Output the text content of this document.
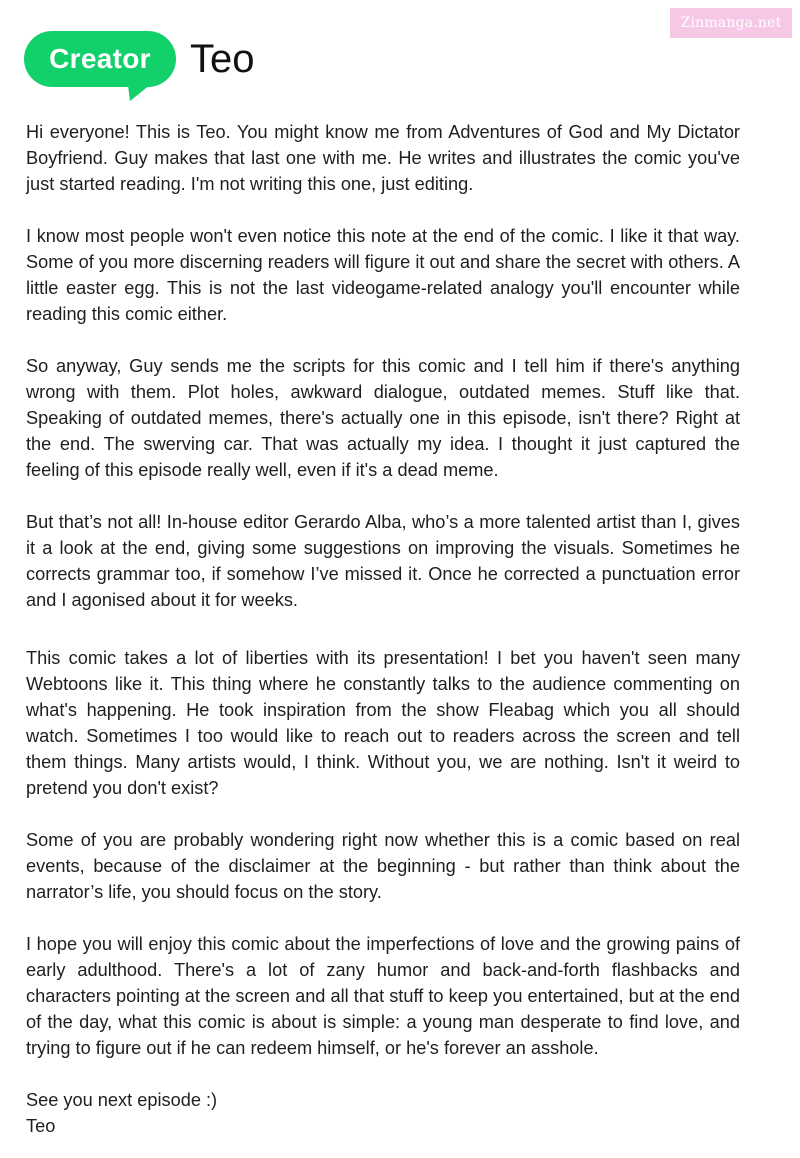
Zinmanga.net
Creator Teo

Hi everyone! This is Teo. You might know me from Adventures of God and My Dictator Boyfriend. Guy makes that last one with me. He writes and illustrates the comic you've just started reading. I'm not writing this one, just editing.

I know most people won't even notice this note at the end of the comic. I like it that way. Some of you more discerning readers will figure it out and share the secret with others. A little easter egg. This is not the last videogame-related analogy you'll encounter while reading this comic either.

So anyway, Guy sends me the scripts for this comic and I tell him if there's anything wrong with them. Plot holes, awkward dialogue, outdated memes. Stuff like that. Speaking of outdated memes, there's actually one in this episode, isn't there? Right at the end. The swerving car. That was actually my idea. I thought it just captured the feeling of this episode really well, even if it's a dead meme.

But that’s not all! In-house editor Gerardo Alba, who’s a more talented artist than I, gives it a look at the end, giving some suggestions on improving the visuals. Sometimes he corrects grammar too, if somehow I’ve missed it. Once he corrected a punctuation error and I agonised about it for weeks.

This comic takes a lot of liberties with its presentation! I bet you haven't seen many Webtoons like it. This thing where he constantly talks to the audience commenting on what's happening. He took inspiration from the show Fleabag which you all should watch. Sometimes I too would like to reach out to readers across the screen and tell them things. Many artists would, I think. Without you, we are nothing. Isn't it weird to pretend you don't exist?

Some of you are probably wondering right now whether this is a comic based on real events, because of the disclaimer at the beginning - but rather than think about the narrator’s life, you should focus on the story.

I hope you will enjoy this comic about the imperfections of love and the growing pains of early adulthood. There's a lot of zany humor and back-and-forth flashbacks and characters pointing at the screen and all that stuff to keep you entertained, but at the end of the day, what this comic is about is simple: a young man desperate to find love, and trying to figure out if he can redeem himself, or he's forever an asshole.

See you next episode :)
Teo
